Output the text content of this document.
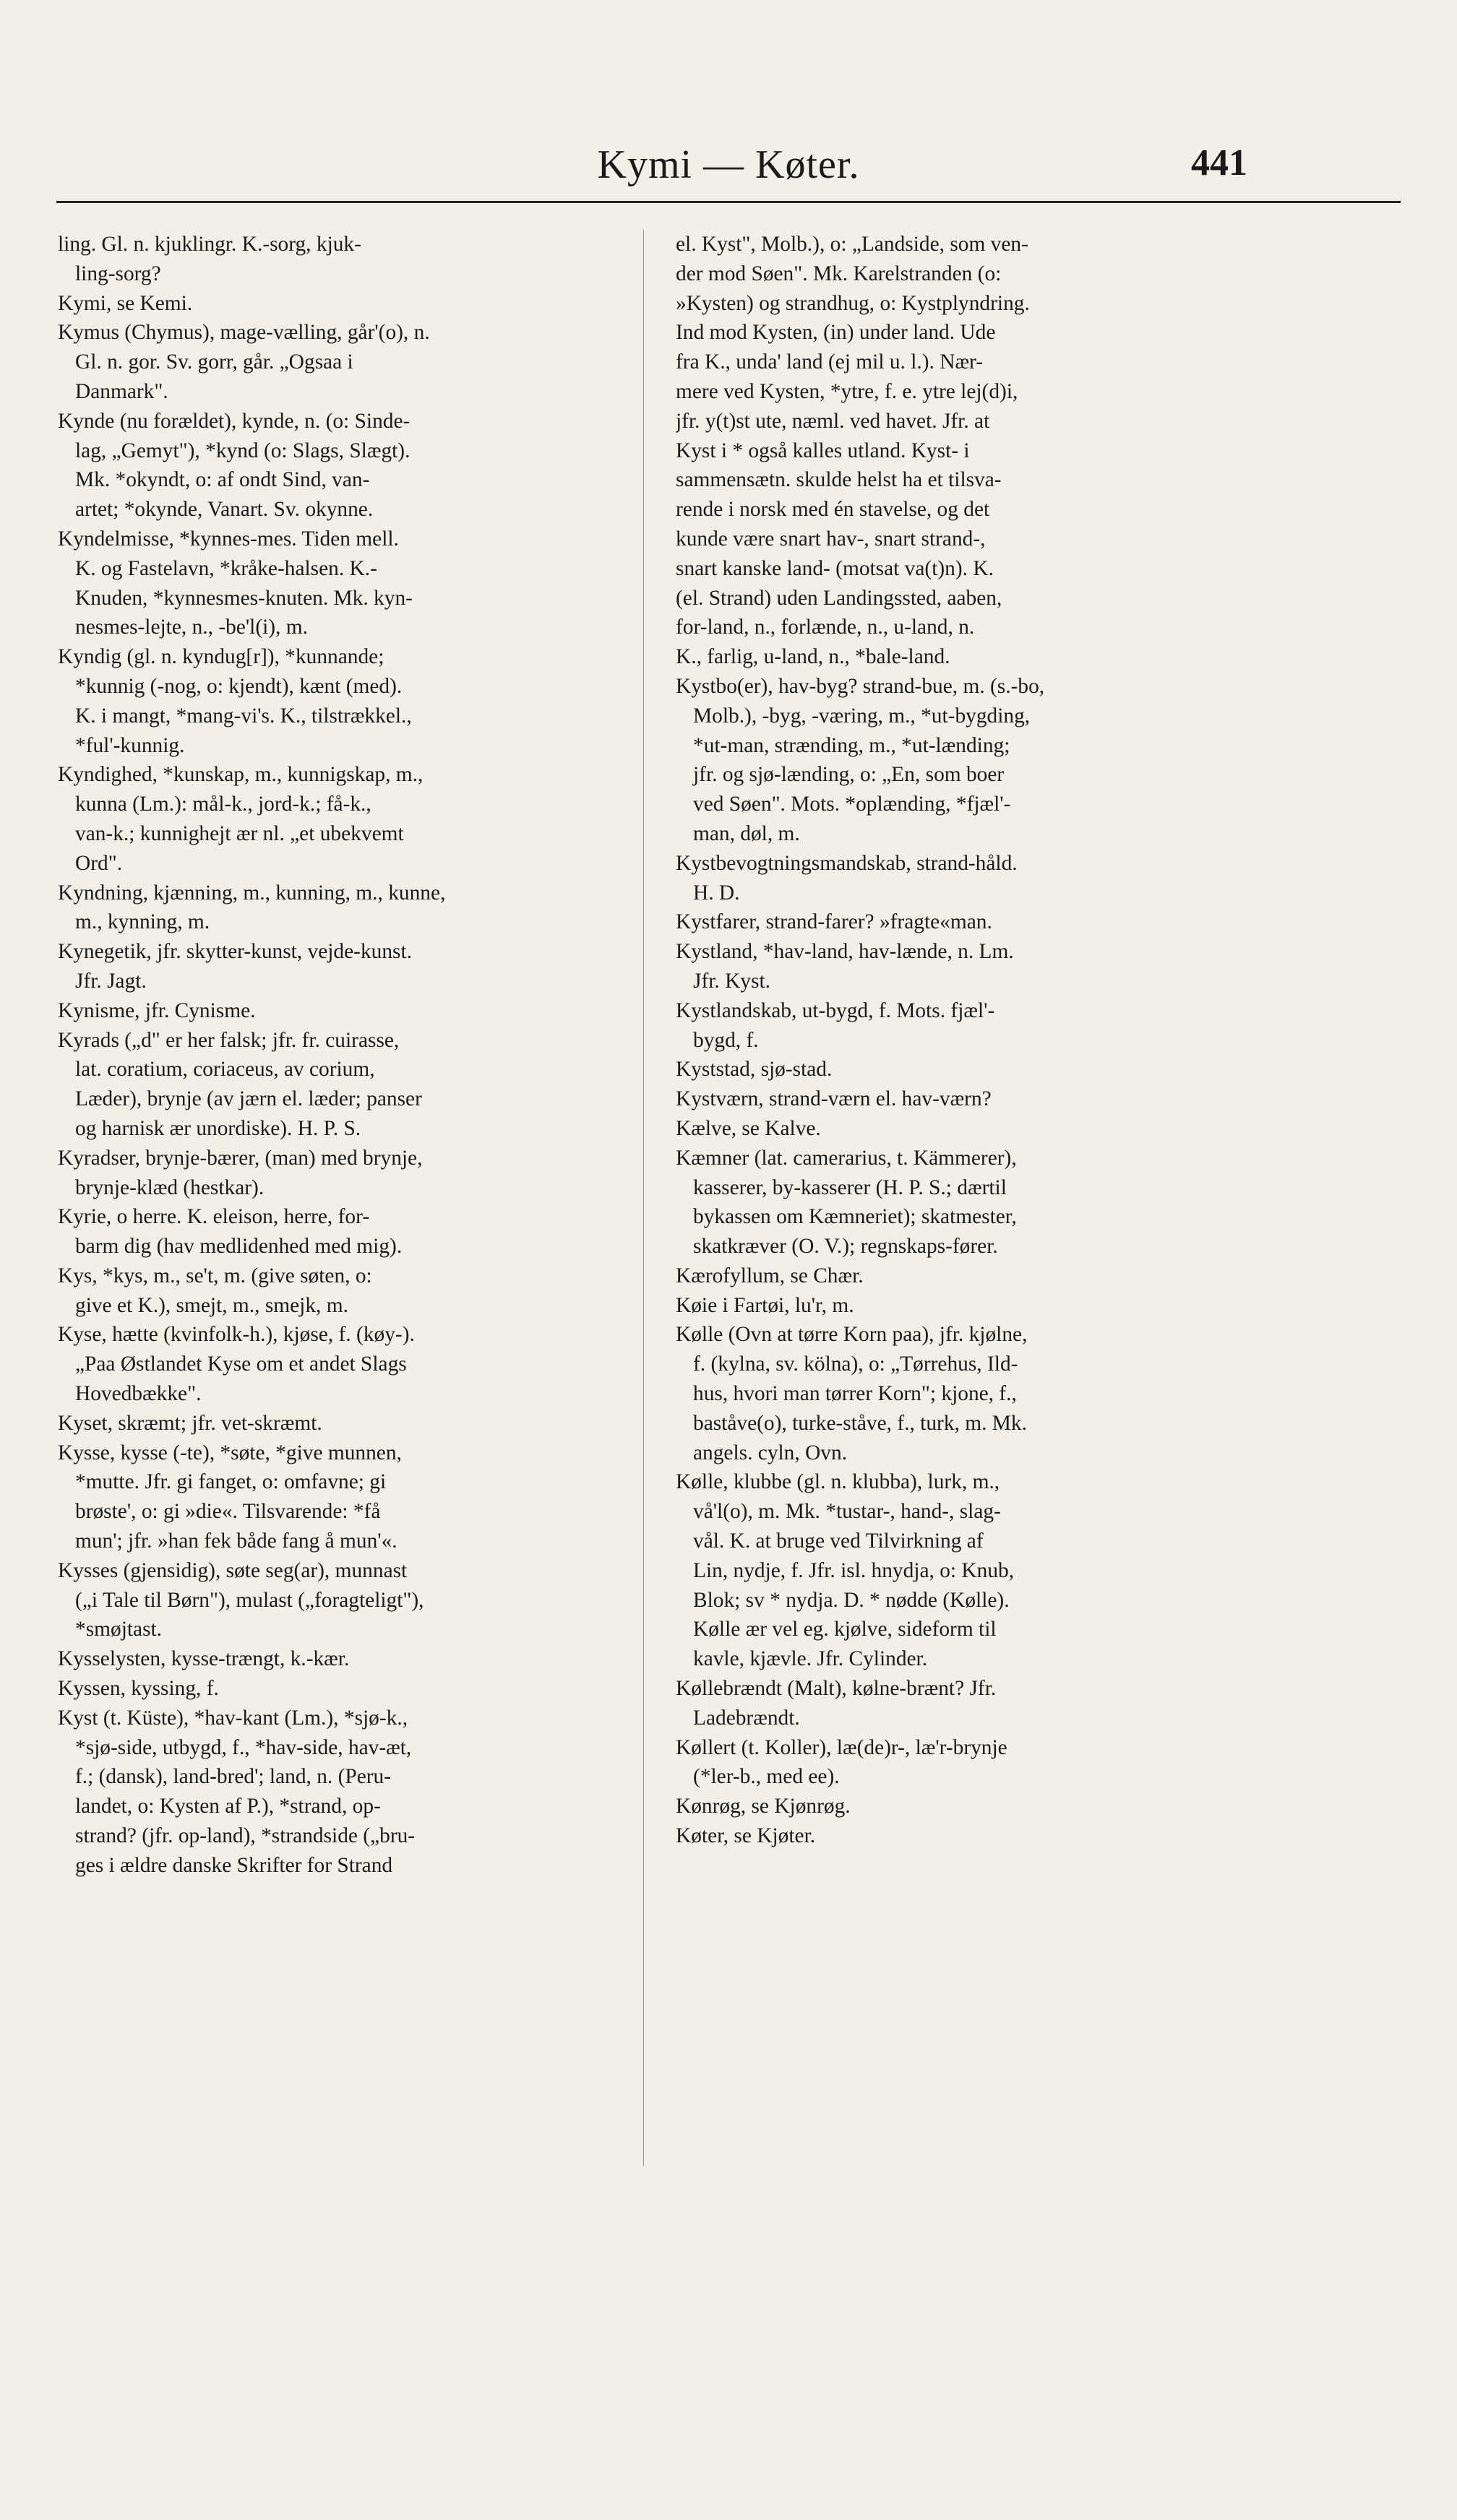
Kymi — Køter.	441
ling. Gl. n. kjuklingr. K.-sorg, kjuk-
ling-sorg?
Kymi, se Kemi.
Kymus (Chymus), mage-vælling, går'(o), n.
Gl. n. gor. Sv. gorr, går. „Ogsaa i
Danmark".
Kynde (nu forældet), kynde, n. (o: Sinde-
lag, „Gemyt"), *kynd (o: Slags, Slægt).
Mk. *okyndt, o: af ondt Sind, van-
artet; *okynde, Vanart. Sv. okynne.
Kyndelmisse, *kynnes-mes. Tiden mell.
K. og Fastelavn, *kråke-halsen. K.-
Knuden, *kynnesmes-knuten. Mk. kyn-
nesmes-lejte, n., -be'l(i), m.
Kyndig (gl. n. kyndug[r]), *kunnande;
*kunnig (-nog, o: kjendt), kænt (med).
K. i mangt, *mang-vi's. K., tilstrækkel.,
*ful'-kunnig.
Kyndighed, *kunskap, m., kunnigskap, m.,
kunna (Lm.): mål-k., jord-k.; få-k.,
van-k.; kunnighejt ær nl. „et ubekvemt
Ord".
Kyndning, kjænning, m., kunning, m., kunne,
m., kynning, m.
Kynegetik, jfr. skytter-kunst, vejde-kunst.
Jfr. Jagt.
Kynisme, jfr. Cynisme.
Kyrads („d" er her falsk; jfr. fr. cuirasse,
lat. coratium, coriaceus, av corium,
Læder), brynje (av jærn el. læder; panser
og harnisk ær unordiske). H. P. S.
Kyradser, brynje-bærer, (man) med brynje,
brynje-klæd (hestkar).
Kyrie, o herre. K. eleison, herre, for-
barm dig (hav medlidenhed med mig).
Kys, *kys, m., se't, m. (give søten, o:
give et K.), smejt, m., smejk, m.
Kyse, hætte (kvinfolk-h.), kjøse, f. (køy-).
„Paa Østlandet Kyse om et andet Slags
Hovedbække".
Kyset, skræmt; jfr. vet-skræmt.
Kysse, kysse (-te), *søte, *give munnen,
*mutte. Jfr. gi fanget, o: omfavne; gi
brøste', o: gi »die«. Tilsvarende: *få
mun'; jfr. »han fek både fang å mun'«.
Kysses (gjensidig), søte seg(ar), munnast
(„i Tale til Børn"), mulast („foragteligt"),
*smøjtast.
Kysselysten, kysse-trængt, k.-kær.
Kyssen, kyssing, f.
Kyst (t. Küste), *hav-kant (Lm.), *sjø-k.,
*sjø-side, utbygd, f., *hav-side, hav-æt,
f.; (dansk), land-bred'; land, n. (Peru-
landet, o: Kysten af P.), *strand, op-
strand? (jfr. op-land), *strandside („bru-
ges i ældre danske Skrifter for Strand
el. Kyst", Molb.), o: „Landside, som ven-
der mod Søen". Mk. Karelstranden (o:
»Kysten) og strandhug, o: Kystplyndring.
Ind mod Kysten, (in) under land. Ude
fra K., unda' land (ej mil u. l.). Nær-
mere ved Kysten, *ytre, f. e. ytre lej(d)i,
jfr. y(t)st ute, næml. ved havet. Jfr. at
Kyst i * også kalles utland. Kyst- i
sammensætn. skulde helst ha et tilsva-
rende i norsk med én stavelse, og det
kunde være snart hav-, snart strand-,
snart kanske land- (motsat va(t)n). K.
(el. Strand) uden Landingssted, aaben,
for-land, n., forlænde, n., u-land, n.
K., farlig, u-land, n., *bale-land.
Kystbo(er), hav-byg? strand-bue, m. (s.-bo,
Molb.), -byg, -væring, m., *ut-bygding,
*ut-man, strænding, m., *ut-lænding;
jfr. og sjø-lænding, o: „En, som boer
ved Søen". Mots. *oplænding, *fjæl'-
man, døl, m.
Kystbevogtningsmandskab, strand-håld.
H. D.
Kystfarer, strand-farer? »fragte«man.
Kystland, *hav-land, hav-lænde, n. Lm.
Jfr. Kyst.
Kystlandskab, ut-bygd, f. Mots. fjæl'-
bygd, f.
Kyststad, sjø-stad.
Kystværn, strand-værn el. hav-værn?
Kælve, se Kalve.
Kæmner (lat. camerarius, t. Kämmerer),
kasserer, by-kasserer (H. P. S.; dærtil
bykassen om Kæmneriet); skatmester,
skatkræver (O. V.); regnskaps-fører.
Kærofyllum, se Chær.
Køie i Fartøi, lu'r, m.
Kølle (Ovn at tørre Korn paa), jfr. kjølne,
f. (kylna, sv. kölna), o: „Tørrehus, Ild-
hus, hvori man tørrer Korn"; kjone, f.,
baståve(o), turke-ståve, f., turk, m. Mk.
angels. cyln, Ovn.
Kølle, klubbe (gl. n. klubba), lurk, m.,
vå'l(o), m. Mk. *tustar-, hand-, slag-
vål. K. at bruge ved Tilvirkning af
Lin, nydje, f. Jfr. isl. hnydja, o: Knub,
Blok; sv * nydja. D. * nødde (Kølle).
Kølle ær vel eg. kjølve, sideform til
kavle, kjævle. Jfr. Cylinder.
Køllebrændt (Malt), kølne-brænt? Jfr.
Ladebrændt.
Køllert (t. Koller), læ(de)r-, læ'r-brynje
(*ler-b., med ee).
Kønrøg, se Kjønrøg.
Køter, se Kjøter.
